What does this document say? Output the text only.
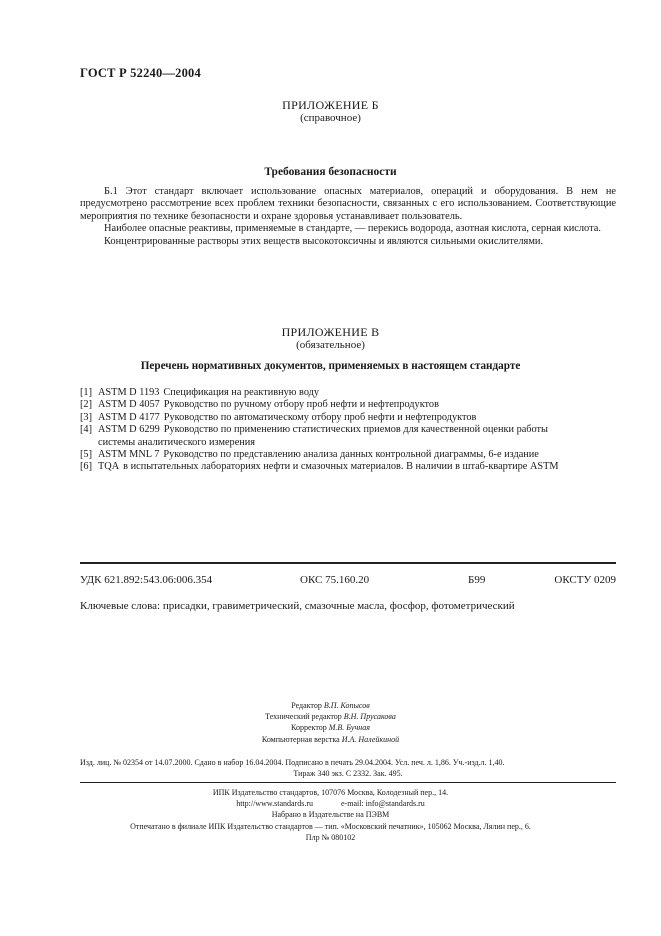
ГОСТ Р 52240—2004
ПРИЛОЖЕНИЕ Б
(справочное)
Требования безопасности

Б.1 Этот стандарт включает использование опасных материалов, операций и оборудования. В нем не предусмотрено рассмотрение всех проблем техники безопасности, связанных с его использованием. Соответствующие мероприятия по технике безопасности и охране здоровья устанавливает пользователь.

Наиболее опасные реактивы, применяемые в стандарте, — перекись водорода, азотная кислота, серная кислота.

Концентрированные растворы этих веществ высокотоксичны и являются сильными окислителями.

ПРИЛОЖЕНИЕ В
(обязательное)
Перечень нормативных документов, применяемых в настоящем стандарте
[1] ASTM D 1193 Спецификация на реактивную воду
[2] ASTM D 4057 Руководство по ручному отбору проб нефти и нефтепродуктов
[3] ASTM D 4177 Руководство по автоматическому отбору проб нефти и нефтепродуктов
[4] ASTM D 6299 Руководство по применению статистических приемов для качественной оценки работы
системы аналитического измерения
[5] ASTM MNL 7 Руководство по представлению анализа данных контрольной диаграммы, 6-е издание
[6] TQA в испытательных лабораториях нефти и смазочных материалов. В наличии в штаб-квартире ASTM
УДК 621.892:543.06:006.354	ОКС 75.160.20	Б99	ОКСТУ 0209
Ключевые слова: присадки, гравиметрический, смазочные масла, фосфор, фотометрический
Редактор В.П. Копысов
Технический редактор В.Н. Прусакова
Корректор М.В. Бучная
Компьютерная верстка И.А. Налейкиной
Изд. лиц. № 02354 от 14.07.2000. Сдано в набор 16.04.2004. Подписано в печать 29.04.2004. Усл. печ. л. 1,86. Уч.-изд.л. 1,40.
Тираж 340 экз. С 2332. Зак. 495.
ИПК Издательство стандартов, 107076 Москва, Колодезный пер., 14.
http://www.standards.ru	e-mail: info@standards.ru
Набрано в Издательстве на ПЭВМ
Отпечатано в филиале ИПК Издательство стандартов — тип. «Московский печатник», 105062 Москва, Лялин пер., 6.
Плр № 080102
